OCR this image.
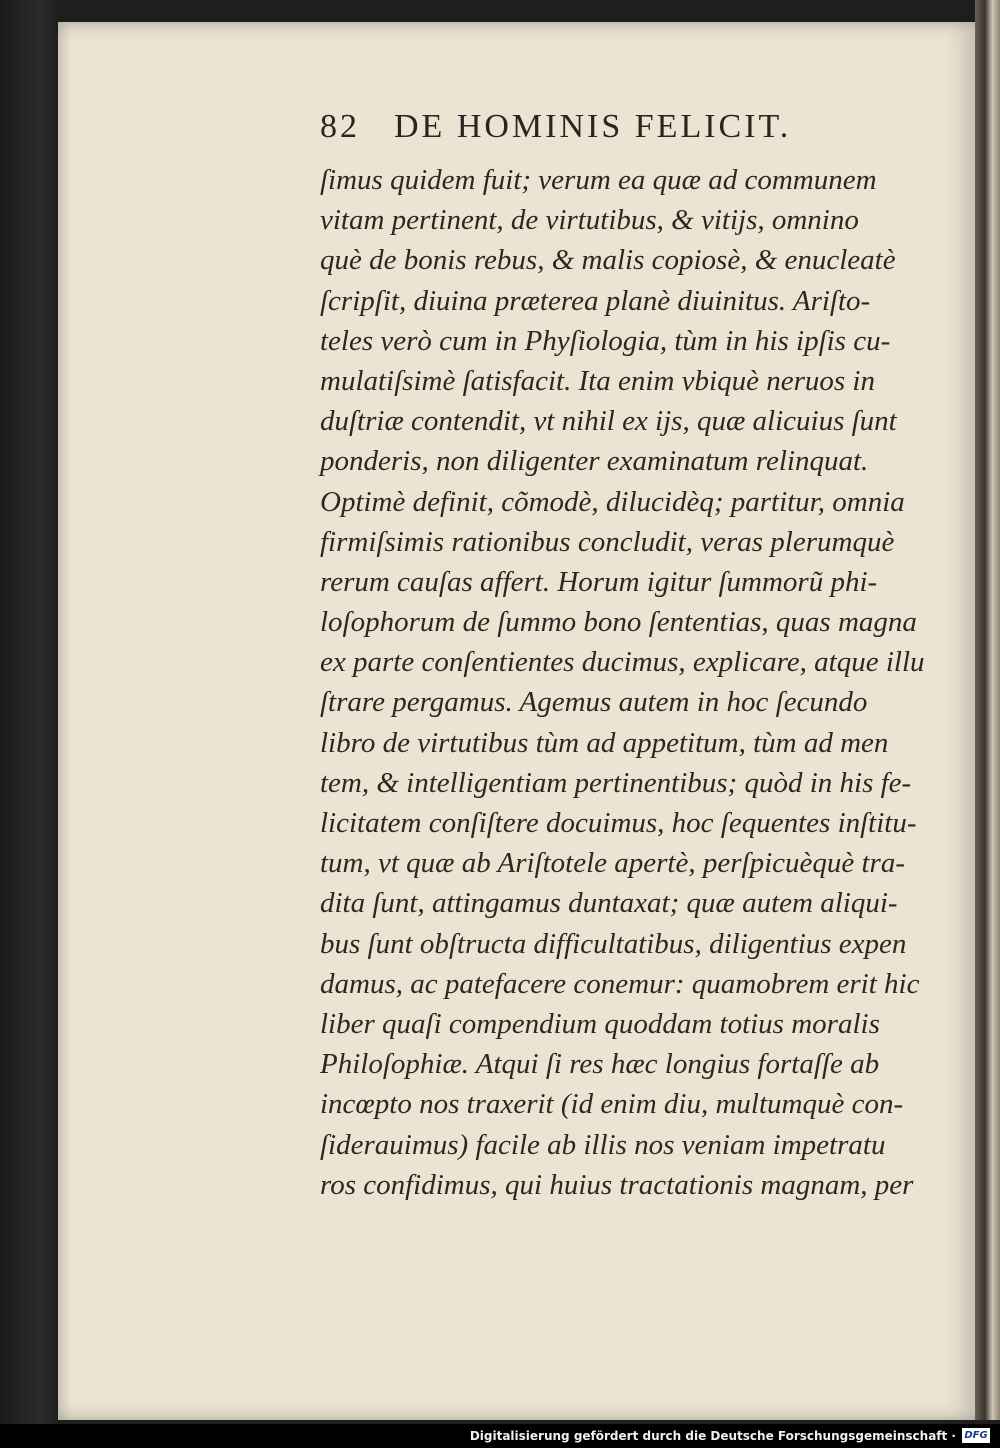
82 DE HOMINIS FELICIT.
ſimus quidem fuit; verum ea quæ ad communem
vitam pertinent, de virtutibus, & vitijs, omnino
què de bonis rebus, & malis copiosè, & enucleatè
ſcripſit, diuina præterea planè diuinitus. Ariſto-
teles verò cum in Phyſiologia, tùm in his ipſis cu-
mulatiſsimè ſatisfacit. Ita enim vbiquè neruos in
duſtriæ contendit, vt nihil ex ijs, quæ alicuius ſunt
ponderis, non diligenter examinatum relinquat.
Optimè definit, cõmodè, dilucidèq; partitur, omnia
firmiſsimis rationibus concludit, veras plerumquè
rerum cauſas affert. Horum igitur ſummorũ phi-
loſophorum de ſummo bono ſententias, quas magna
ex parte conſentientes ducimus, explicare, atque illu
ſtrare pergamus. Agemus autem in hoc ſecundo
libro de virtutibus tùm ad appetitum, tùm ad men
tem, & intelligentiam pertinentibus; quòd in his fe-
licitatem conſiſtere docuimus, hoc ſequentes inſtitu-
tum, vt quæ ab Ariſtotele apertè, perſpicuèquè tra-
dita ſunt, attingamus duntaxat; quæ autem aliqui-
bus ſunt obſtructa difficultatibus, diligentius expen
damus, ac patefacere conemur: quamobrem erit hic
liber quaſi compendium quoddam totius moralis
Philoſophiæ. Atqui ſi res hæc longius fortaſſe ab
incœpto nos traxerit (id enim diu, multumquè con-
ſiderauimus) facile ab illis nos veniam impetratu
ros confidimus, qui huius tractationis magnam, per
Digitalisierung gefördert durch die Deutsche Forschungsgemeinschaft · DFG
